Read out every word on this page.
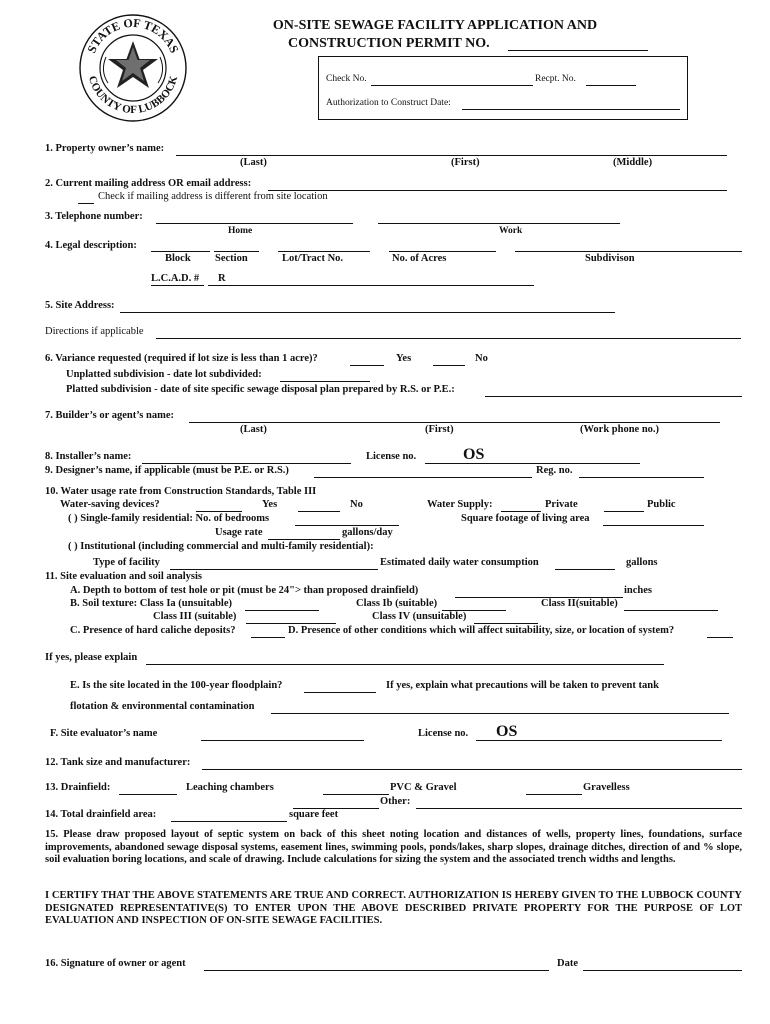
STATE OF TEXAS
COUNTY OF LUBBOCK
ON-SITE SEWAGE FACILITY APPLICATION AND
CONSTRUCTION PERMIT NO.
Check No.	Recpt. No.
Authorization to Construct Date:
1. Property owner’s name:
(Last)	(First)	(Middle)
2. Current mailing address OR email address:
Check if mailing address is different from site location
3. Telephone number:
Home	Work
4. Legal description:
Block Section	Lot/Tract No.	No. of Acres	Subdivison
L.C.A.D. # R
5. Site Address:
Directions if applicable
6. Variance requested (required if lot size is less than 1 acre)?	Yes	No
Unplatted subdivision - date lot subdivided:
Platted subdivision - date of site specific sewage disposal plan prepared by R.S. or P.E.:
7. Builder’s or agent’s name:
(Last)	(First)	(Work phone no.)
8. Installer’s name:	License no.	OS
9. Designer’s name, if applicable (must be P.E. or R.S.)	Reg. no.
10. Water usage rate from Construction Standards, Table III
Water-saving devices?	Yes	No	Water Supply:	Private	Public
( ) Single-family residential: No. of bedrooms	Square footage of living area
Usage rate	gallons/day
( ) Institutional (including commercial and multi-family residential):
Type of facility	Estimated daily water consumption	gallons
11. Site evaluation and soil analysis
A. Depth to bottom of test hole or pit (must be 24"> than proposed drainfield)	inches
B. Soil texture: Class Ia (unsuitable)	Class Ib (suitable)	Class II(suitable)
Class III (suitable)	Class IV (unsuitable)
C. Presence of hard caliche deposits?	D. Presence of other conditions which will affect suitability, size, or location of system?
If yes, please explain
E. Is the site located in the 100-year floodplain?	If yes, explain what precautions will be taken to prevent tank
flotation & environmental contamination
F. Site evaluator’s name	License no. OS
12. Tank size and manufacturer:
13. Drainfield:	Leaching chambers	PVC & Gravel	Gravelless
Other:
14. Total drainfield area:	square feet

15. Please draw proposed layout of septic system on back of this sheet noting location and distances of wells, property lines, foundations, surface improvements, abandoned sewage disposal systems, easement lines, swimming pools, ponds/lakes, sharp slopes, drainage ditches, direction of and % slope, soil evaluation boring locations, and scale of drawing. Include calculations for sizing the system and the associated trench widths and lengths.

I CERTIFY THAT THE ABOVE STATEMENTS ARE TRUE AND CORRECT. AUTHORIZATION IS HEREBY GIVEN TO THE LUBBOCK COUNTY DESIGNATED REPRESENTATIVE(S) TO ENTER UPON THE ABOVE DESCRIBED PRIVATE PROPERTY FOR THE PURPOSE OF LOT EVALUATION AND INSPECTION OF ON-SITE SEWAGE FACILITIES.

16. Signature of owner or agent	Date
